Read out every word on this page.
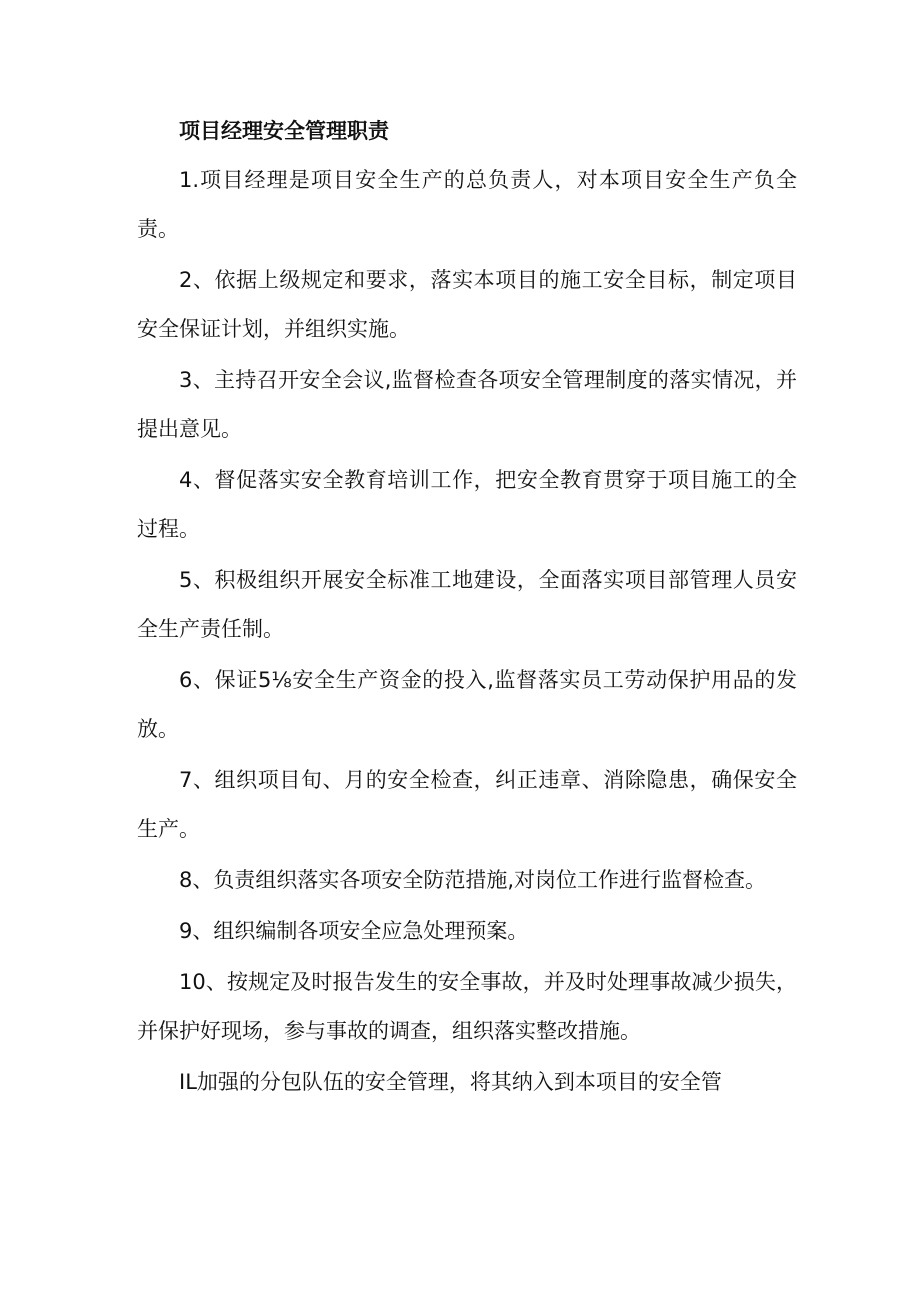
项目经理安全管理职责

1.项目经理是项目安全生产的总负责人，对本项目安全生产负全责。

2、依据上级规定和要求，落实本项目的施工安全目标，制定项目安全保证计划，并组织实施。

3、主持召开安全会议,监督检查各项安全管理制度的落实情况，并提出意见。

4、督促落实安全教育培训工作，把安全教育贯穿于项目施工的全过程。

5、积极组织开展安全标准工地建设，全面落实项目部管理人员安全生产责任制。

6、保证5⅛安全生产资金的投入,监督落实员工劳动保护用品的发放。

7、组织项目旬、月的安全检查，纠正违章、消除隐患，确保安全生产。

8、负责组织落实各项安全防范措施,对岗位工作进行监督检查。

9、组织编制各项安全应急处理预案。

10、按规定及时报告发生的安全事故，并及时处理事故减少损失，并保护好现场，参与事故的调查，组织落实整改措施。

IL加强的分包队伍的安全管理，将其纳入到本项目的安全管
